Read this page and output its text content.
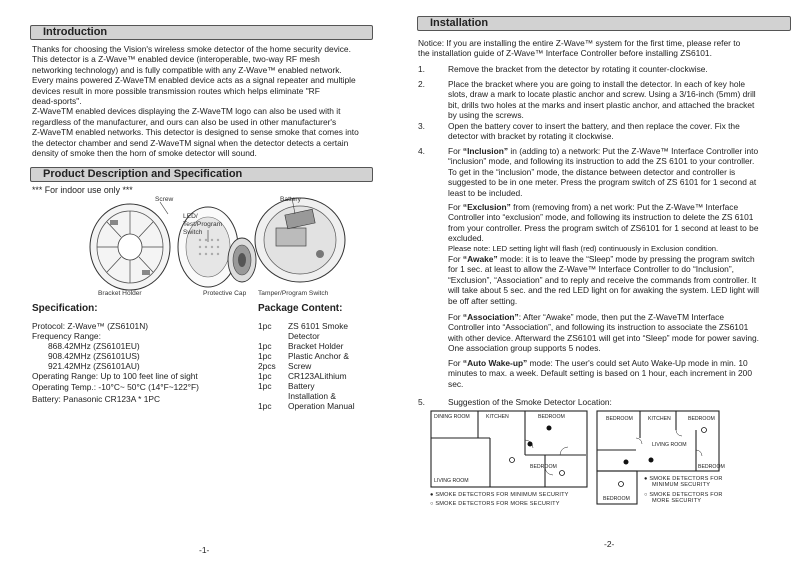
Introduction
Thanks for choosing the Vision's wireless smoke detector of the home security device.
This detector is a Z-Wave™ enabled device (interoperable, two-way RF mesh
networking technology) and is fully compatible with any Z-Wave™ enabled network.
Every mains powered Z-WaveTM enabled device acts as a signal repeater and multiple
devices result in more possible transmission routes which helps eliminate "RF
dead-sports".
Z-WaveTM enabled devices displaying the Z-WaveTM logo can also be used with it
regardless of the manufacturer, and ours can also be used in other manufacturer's
Z-WaveTM enabled networks. This detector is designed to sense smoke that comes into
the detector chamber and send Z-WaveTM signal when the detector detects a certain
density of smoke then the horn of smoke detector will sound.
Product Description and Specification
*** For indoor use only ***
Screw	Battery
LED/
Test/Program
Switch
Bracket Holder	Protective Cap Tamper/Program Switch
Specification:
Protocol: Z-Wave™ (ZS6101N)
Frequency Range:
868.42MHz (ZS6101EU)
908.42MHz (ZS6101US)
921.42MHz (ZS6101AU)
Operating Range: Up to 100 feet line of sight
Operating Temp.: -10°C~ 50°C (14°F~122°F)
Battery: Panasonic CR123A * 1PC
Package Content:
1pc ZS 6101 Smoke
Detector
1pc Bracket Holder
1pc Plastic Anchor &
2pcs Screw
1pc CR123ALithium
1pc Battery
Installation &
1pc Operation Manual
-1-
Installation
Notice: If you are installing the entire Z-Wave™ system for the first time, please refer to
the installation guide of Z-Wave™ Interface Controller before installing ZS6101.
1.	Remove the bracket from the detector by rotating it counter-clockwise.
2.	Place the bracket where you are going to install the detector. In each of key hole
slots, draw a mark to locate plastic anchor and screw. Using a 3/16-inch (5mm) drill
bit, drills two holes at the marks and insert plastic anchor, and attached the bracket
by using the screws.
3.	Open the battery cover to insert the battery, and then replace the cover. Fix the
detector with bracket by rotating it clockwise.
4.	For “Inclusion” in (adding to) a network: Put the Z-Wave™ Interface Controller into
“inclusion” mode, and following its instruction to add the ZS 6101 to your controller.
To get in the “inclusion” mode, the distance between detector and controller is
suggested to be in one meter. Press the program switch of ZS 6101 for 1 second at
least to be included.
For “Exclusion” from (removing from) a net work: Put the Z-Wave™ Interface
Controller into “exclusion” mode, and following its instruction to delete the ZS 6101
from your controller. Press the program switch of ZS6101 for 1 second at least to be
excluded.
Please note: LED setting light will flash (red) continuously in Exclusion condition.
For “Awake” mode: it is to leave the “Sleep” mode by pressing the program switch
for 1 sec. at least to allow the Z-Wave™ Interface Controller to do “Inclusion”,
“Exclusion”, “Association” and to reply and receive the commands from controller. It
will take about 5 sec. and the red LED light on for awaking the system. LED light will
be off after setting.
For “Association”: After “Awake” mode, then put the Z-WaveTM Interface
Controller into “Association”, and following its instruction to associate the ZS6101
with other device. Afterward the ZS6101 will get into “Sleep” mode for power saving.
One association group supports 5 nodes.
For “Auto Wake-up” mode: The user's could set Auto Wake-Up mode in min. 10
minutes to max. a week. Default setting is based on 1 hour, each increment in 200
sec.
5.	Suggestion of the Smoke Detector Location:
DINING ROOM	KITCHEN	BEDROOM
LIVING ROOM
BEDROOM
● SMOKE DETECTORS FOR MINIMUM SECURITY
○ SMOKE DETECTORS FOR MORE SECURITY
BEDROOM	KITCHEN	BEDROOM
LIVING ROOM
BEDROOM
BEDROOM
● SMOKE DETECTORS FOR
MINIMUM SECURITY
○ SMOKE DETECTORS FOR
MORE SECURITY
-2-
